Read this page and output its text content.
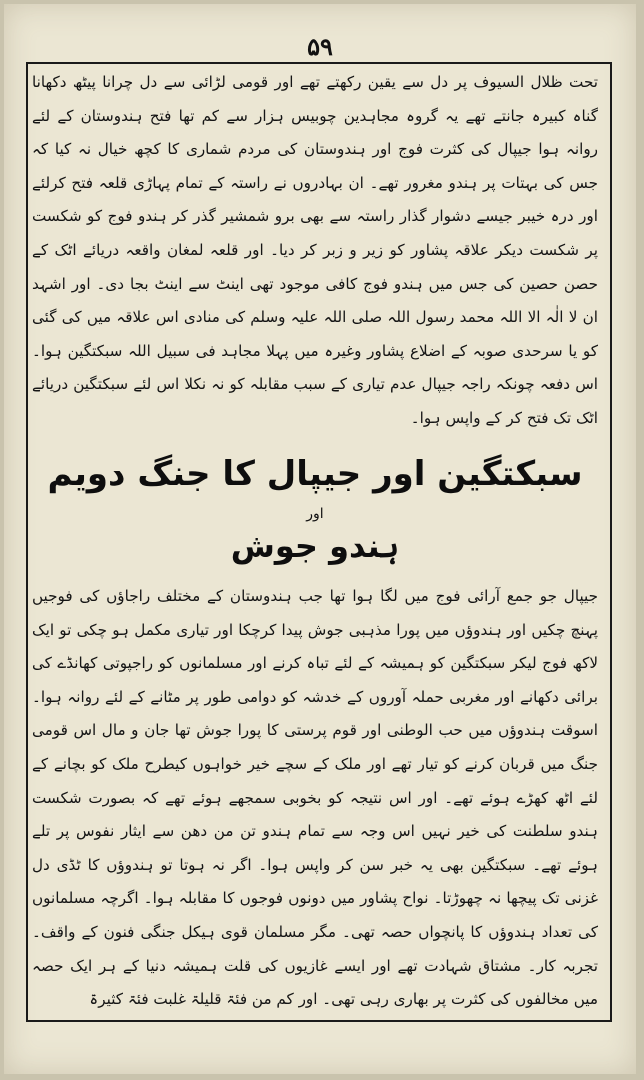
۵۹

تحت ظلال السیوف پر دل سے یقین رکھتے تھے اور قومی لڑائی سے دل چرانا پیٹھ دکھانا گناہ کبیرہ جانتے تھے یہ گروہ مجاہدین چوبیس ہزار سے کم تھا فتح ہندوستان کے لئے روانہ ہوا جیپال کی کثرت فوج اور ہندوستان کی مردم شماری کا کچھ خیال نہ کیا کہ جس کی بہتات پر ہندو مغرور تھے۔ ان بہادروں نے راستہ کے تمام پہاڑی قلعہ فتح کرلئے اور درہ خیبر جیسے دشوار گذار راستہ سے بھی برو شمشیر گذر کر ہندو فوج کو شکست پر شکست دیکر علاقہ پشاور کو زیر و زبر کر دیا۔ اور قلعہ لمغان واقعہ دریائے اٹک کے حصن حصین کی جس میں ہندو فوج کافی موجود تھی اینٹ سے اینٹ بجا دی۔ اور اشہد ان لا الٰہ الا اللہ محمد رسول اللہ صلی اللہ علیہ وسلم کی منادی اس علاقہ میں کی گئی کو یا سرحدی صوبہ کے اضلاع پشاور وغیرہ میں پہلا مجاہد فی سبیل اللہ سبکتگین ہوا۔ اس دفعہ چونکہ راجہ جیپال عدم تیاری کے سبب مقابلہ کو نہ نکلا اس لئے سبکتگین دریائے اٹک تک فتح کر کے واپس ہوا۔

سبکتگین اور جیپال کا جنگ دویم
اور
ہندو جوش

جیپال جو جمع آرائی فوج میں لگا ہوا تھا جب ہندوستان کے مختلف راجاؤں کی فوجیں پہنچ چکیں اور ہندوؤں میں پورا مذہبی جوش پیدا کرچکا اور تیاری مکمل ہو چکی تو ایک لاکھ فوج لیکر سبکتگین کو ہمیشہ کے لئے تباہ کرنے اور مسلمانوں کو راجپوتی کھانڈے کی برائی دکھانے اور مغربی حملہ آوروں کے خدشہ کو دوامی طور پر مٹانے کے لئے روانہ ہوا۔ اسوقت ہندوؤں میں حب الوطنی اور قوم پرستی کا پورا جوش تھا جان و مال اس قومی جنگ میں قربان کرنے کو تیار تھے اور ملک کے سچے خیر خواہوں کیطرح ملک کو بچانے کے لئے اٹھ کھڑے ہوئے تھے۔ اور اس نتیجہ کو بخوبی سمجھے ہوئے تھے کہ بصورت شکست ہندو سلطنت کی خیر نہیں اس وجہ سے تمام ہندو تن من دھن سے ایثار نفوس پر تلے ہوئے تھے۔ سبکتگین بھی یہ خبر سن کر واپس ہوا۔ اگر نہ ہوتا تو ہندوؤں کا ٹڈی دل غزنی تک پیچھا نہ چھوڑتا۔ نواح پشاور میں دونوں فوجوں کا مقابلہ ہوا۔ اگرچہ مسلمانوں کی تعداد ہندوؤں کا پانچواں حصہ تھی۔ مگر مسلمان قوی ہیکل جنگی فنون کے واقف۔ تجربہ کار۔ مشتاق شہادت تھے اور ایسے غازیوں کی قلت ہمیشہ دنیا کے ہر ایک حصہ میں مخالفوں کی کثرت پر بھاری رہی تھی۔ اور کم من فئۃ قلیلۃ غلبت فئۃ کثیرۃ
